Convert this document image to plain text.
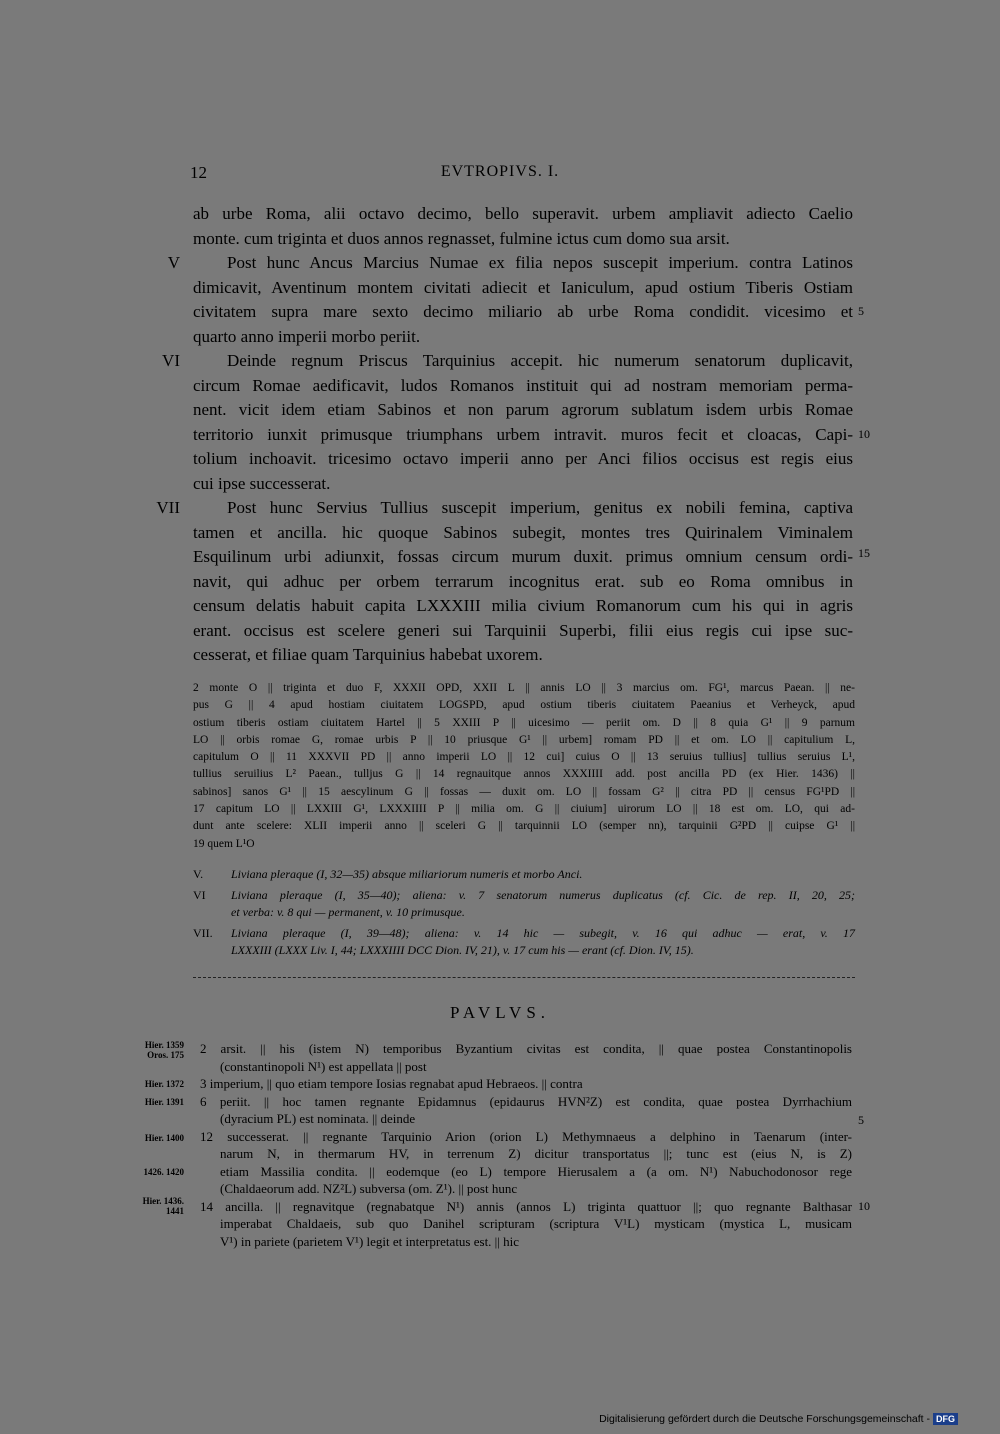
12	EVTROPIVS. I.
ab urbe Roma, alii octavo decimo, bello superavit. urbem ampliavit adiecto Caelio
monte. cum triginta et duos annos regnasset, fulmine ictus cum domo sua arsit.
Post hunc Ancus Marcius Numae ex filia nepos suscepit imperium. contra Latinos
dimicavit, Aventinum montem civitati adiecit et Ianiculum, apud ostium Tiberis Ostiam
civitatem supra mare sexto decimo miliario ab urbe Roma condidit. vicesimo et
quarto anno imperii morbo periit.
Deinde regnum Priscus Tarquinius accepit. hic numerum senatorum duplicavit,
circum Romae aedificavit, ludos Romanos instituit qui ad nostram memoriam perma-
nent. vicit idem etiam Sabinos et non parum agrorum sublatum isdem urbis Romae
territorio iunxit primusque triumphans urbem intravit. muros fecit et cloacas, Capi-
tolium inchoavit. tricesimo octavo imperii anno per Anci filios occisus est regis eius
cui ipse successerat.
Post hunc Servius Tullius suscepit imperium, genitus ex nobili femina, captiva
tamen et ancilla. hic quoque Sabinos subegit, montes tres Quirinalem Viminalem
Esquilinum urbi adiunxit, fossas circum murum duxit. primus omnium censum ordi-
navit, qui adhuc per orbem terrarum incognitus erat. sub eo Roma omnibus in
censum delatis habuit capita LXXXIII milia civium Romanorum cum his qui in agris
erant. occisus est scelere generi sui Tarquinii Superbi, filii eius regis cui ipse suc-
cesserat, et filiae quam Tarquinius habebat uxorem.
V
VI
VII
5
10
15
2 monte O || triginta et duo F, XXXII OPD, XXII L || annis LO || 3 marcius om. FG¹, marcus Paean. || ne-
pus G || 4 apud hostiam ciuitatem LOGSPD, apud ostium tiberis ciuitatem Paeanius et Verheyck, apud
ostium tiberis ostiam ciuitatem Hartel || 5 XXIII P || uicesimo — periit om. D || 8 quia G¹ || 9 parnum
LO || orbis romae G, romae urbis P || 10 priusque G¹ || urbem] romam PD || et om. LO || capitulium L,
capitulum O || 11 XXXVII PD || anno imperii LO || 12 cui] cuius O || 13 seruius tullius] tullius seruius L¹,
tullius seruilius L² Paean., tulljus G || 14 regnauitque annos XXXIIII add. post ancilla PD (ex Hier. 1436) ||
sabinos] sanos G¹ || 15 aescylinum G || fossas — duxit om. LO || fossam G² || citra PD || census FG¹PD ||
17 capitum LO || LXXIII G¹, LXXXIIII P || milia om. G || ciuium] uirorum LO || 18 est om. LO, qui ad-
dunt ante scelere: XLII imperii anno || sceleri G || tarquinnii LO (semper nn), tarquinii G²PD || cuipse G¹ ||
19 quem L¹O
V.	Liviana pleraque (I, 32—35) absque miliariorum numeris et morbo Anci.
VI	Liviana pleraque (I, 35—40); aliena: v. 7 senatorum numerus duplicatus (cf. Cic. de rep. II, 20, 25;
et verba: v. 8 qui — permanent, v. 10 primusque.
VII.	Liviana pleraque (I, 39—48); aliena: v. 14 hic — subegit, v. 16 qui adhuc — erat, v. 17
LXXXIII (LXXX Liv. I, 44; LXXXIIII DCC Dion. IV, 21), v. 17 cum his — erant (cf. Dion. IV, 15).
PAVLVS.
2 arsit. || his (istem N) temporibus Byzantium civitas est condita, || quae postea Constantinopolis
(constantinopoli N¹) est appellata || post
3 imperium, || quo etiam tempore Iosias regnabat apud Hebraeos. || contra
6 periit. || hoc tamen regnante Epidamnus (epidaurus HVN²Z) est condita, quae postea Dyrrhachium
(dyracium PL) est nominata. || deinde
12 successerat. || regnante Tarquinio Arion (orion L) Methymnaeus a delphino in Taenarum (inter-
narum N, in thermarum HV, in terrenum Z) dicitur transportatus ||; tunc est (eius N, is Z)
etiam Massilia condita. || eodemque (eo L) tempore Hierusalem a (a om. N¹) Nabuchodonosor rege
(Chaldaeorum add. NZ²L) subversa (om. Z¹). || post hunc
14 ancilla. || regnavitque (regnabatque N¹) annis (annos L) triginta quattuor ||; quo regnante Balthasar
imperabat Chaldaeis, sub quo Danihel scripturam (scriptura V¹L) mysticam (mystica L, musicam
V¹) in pariete (parietem V¹) legit et interpretatus est. || hic
Hier. 1359
Oros. 175
Hier. 1372
Hier. 1391
Hier. 1400
1426. 1420
Hier. 1436.
1441
5
10
Digitalisierung gefördert durch die Deutsche Forschungsgemeinschaft - DFG
